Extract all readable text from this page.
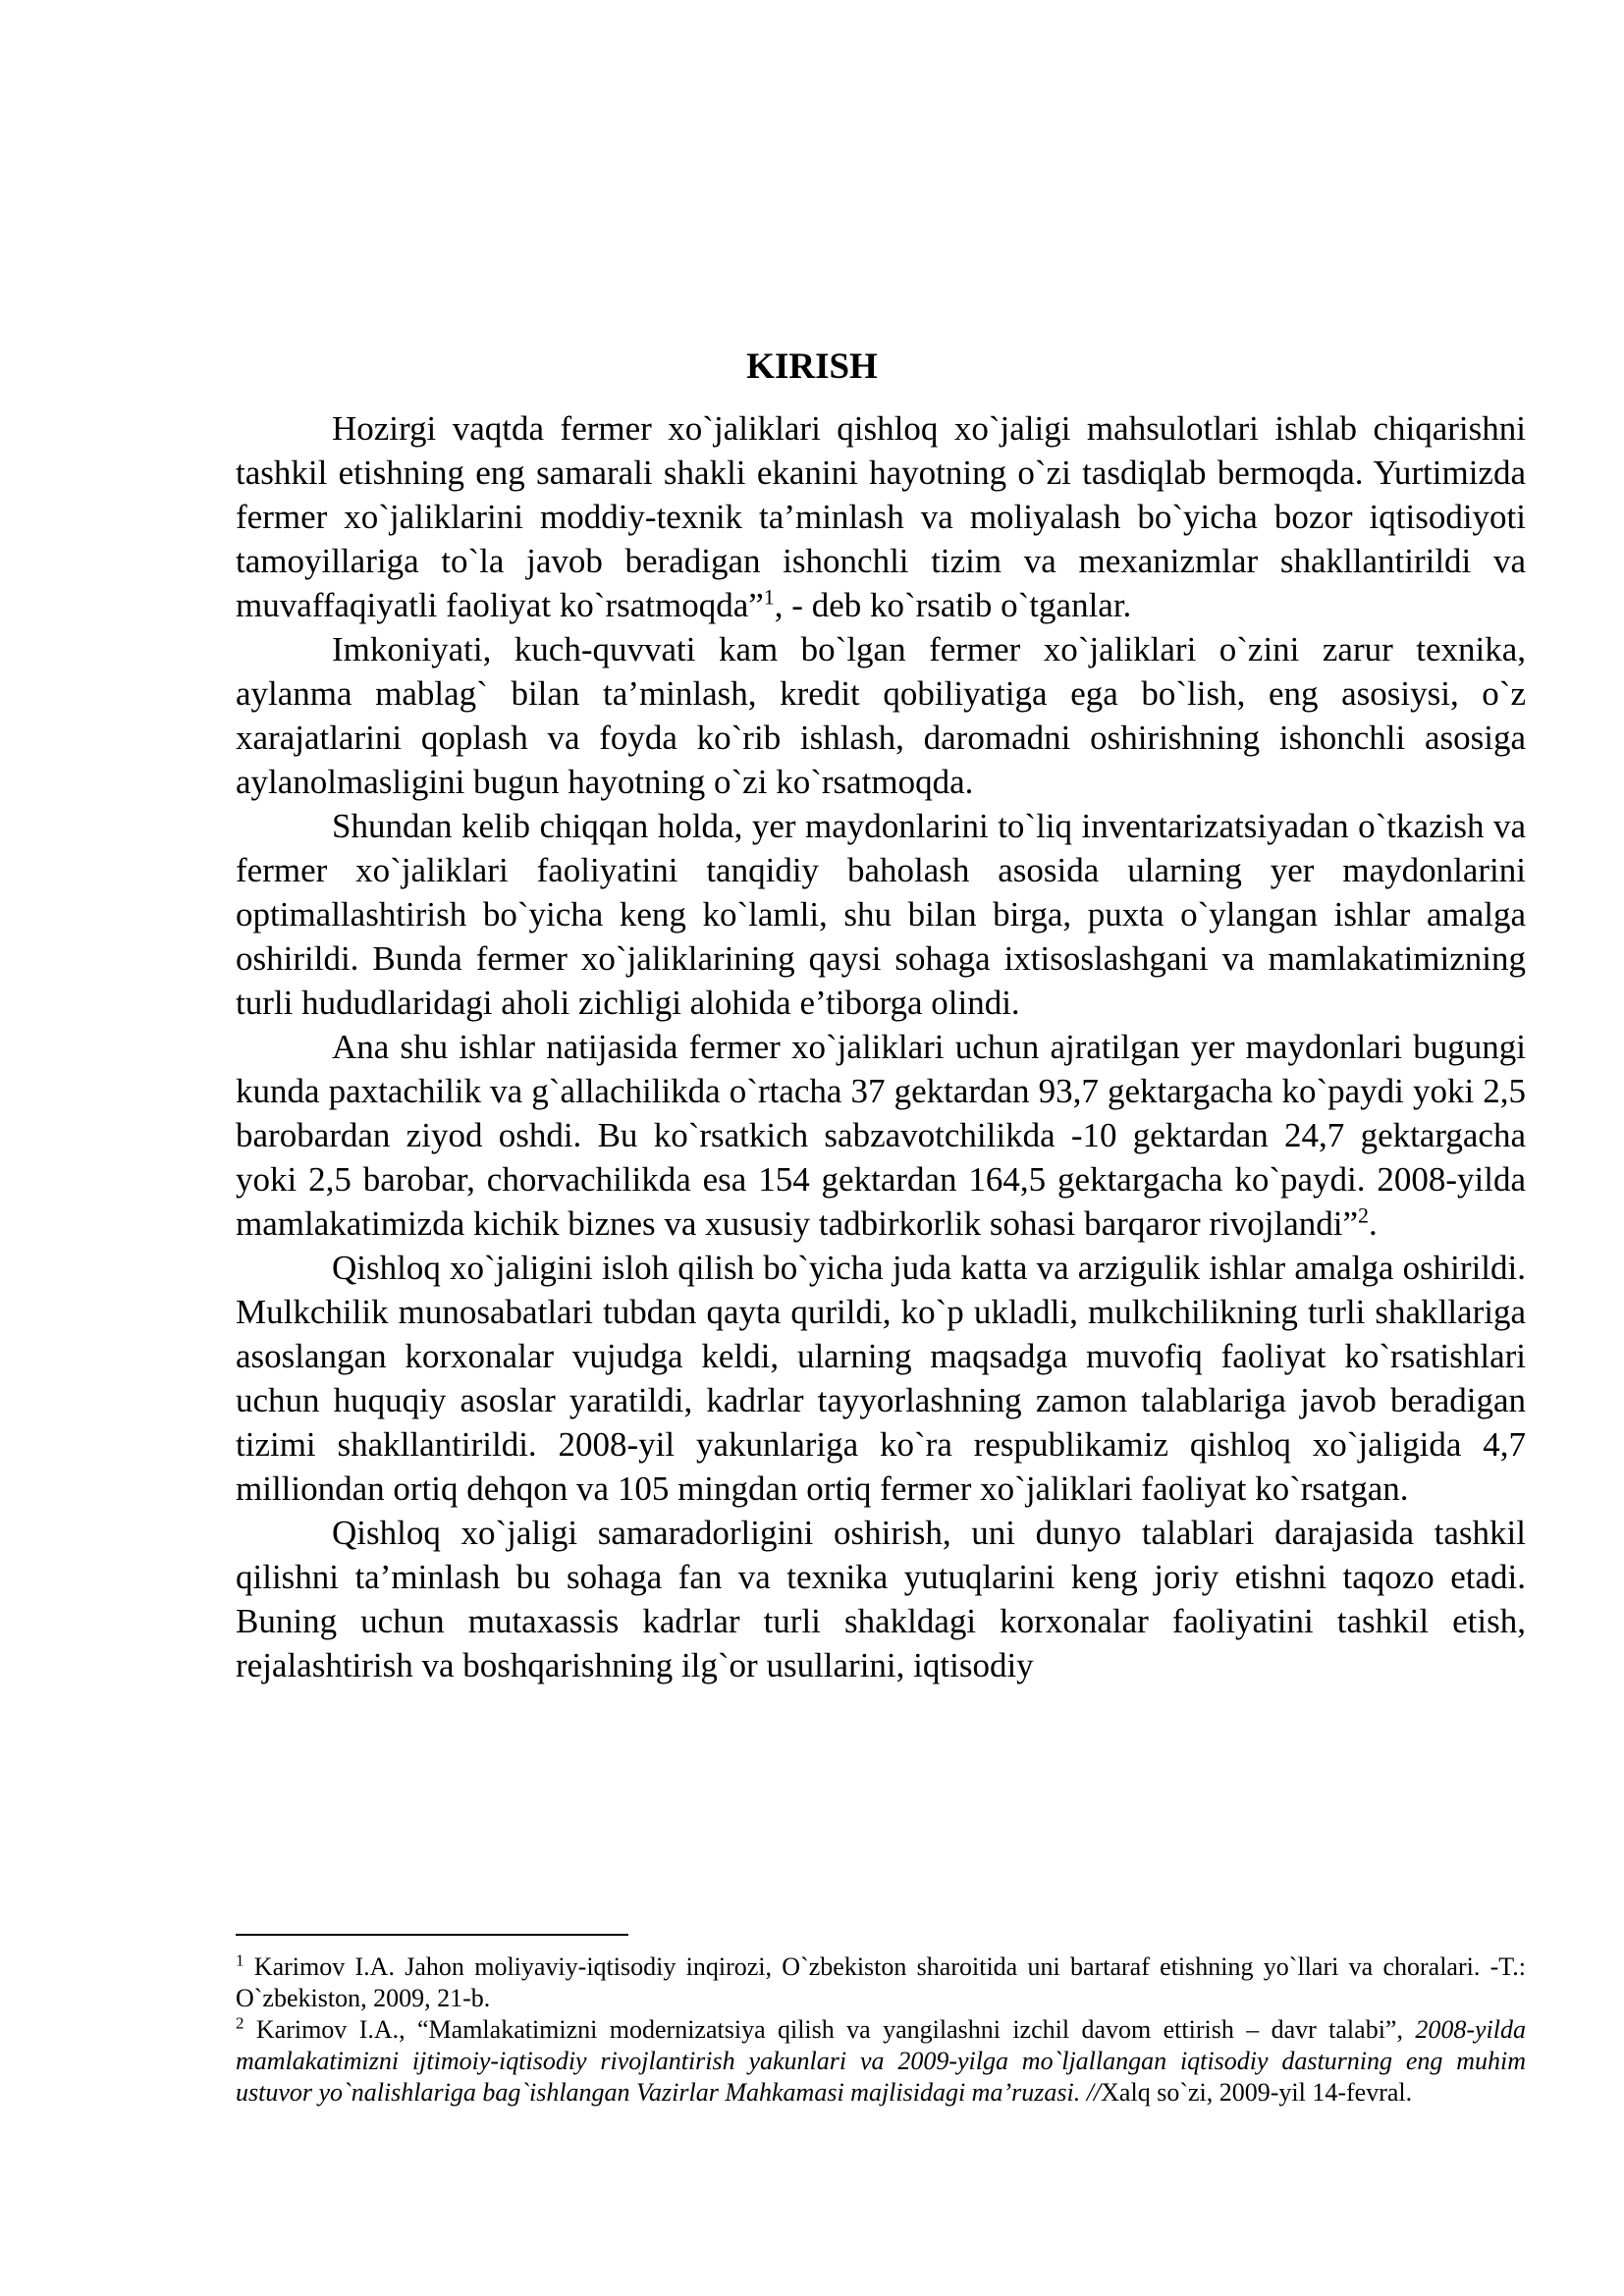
KIRISH

Hozirgi vaqtda fermer xo`jaliklari qishloq xo`jaligi mahsulotlari ishlab chiqarishni tashkil etishning eng samarali shakli ekanini hayotning o`zi tasdiqlab bermoqda. Yurtimizda fermer xo`jaliklarini moddiy-texnik ta’minlash va moliyalash bo`yicha bozor iqtisodiyoti tamoyillariga to`la javob beradigan ishonchli tizim va mexanizmlar shakllantirildi va muvaffaqiyatli faoliyat ko`rsatmoqda”$^1$, - deb ko`rsatib o`tganlar.

Imkoniyati, kuch-quvvati kam bo`lgan fermer xo`jaliklari o`zini zarur texnika, aylanma mablag` bilan ta’minlash, kredit qobiliyatiga ega bo`lish, eng asosiysi, o`z xarajatlarini qoplash va foyda ko`rib ishlash, daromadni oshirishning ishonchli asosiga aylanolmasligini bugun hayotning o`zi ko`rsatmoqda.

Shundan kelib chiqqan holda, yer maydonlarini to`liq inventarizatsiyadan o`tkazish va fermer xo`jaliklari faoliyatini tanqidiy baholash asosida ularning yer maydonlarini optimallashtirish bo`yicha keng ko`lamli, shu bilan birga, puxta o`ylangan ishlar amalga oshirildi. Bunda fermer xo`jaliklarining qaysi sohaga ixtisoslashgani va mamlakatimizning turli hududlaridagi aholi zichligi alohida e’tiborga olindi.

Ana shu ishlar natijasida fermer xo`jaliklari uchun ajratilgan yer maydonlari bugungi kunda paxtachilik va g`allachilikda o`rtacha 37 gektardan 93,7 gektargacha ko`paydi yoki 2,5 barobardan ziyod oshdi. Bu ko`rsatkich sabzavotchilikda -10 gektardan 24,7 gektargacha yoki 2,5 barobar, chorvachilikda esa 154 gektardan 164,5 gektargacha ko`paydi. 2008-yilda mamlakatimizda kichik biznes va xususiy tadbirkorlik sohasi barqaror rivojlandi”$^2$.

Qishloq xo`jaligini isloh qilish bo`yicha juda katta va arzigulik ishlar amalga oshirildi. Mulkchilik munosabatlari tubdan qayta qurildi, ko`p ukladli, mulkchilikning turli shakllariga asoslangan korxonalar vujudga keldi, ularning maqsadga muvofiq faoliyat ko`rsatishlari uchun huquqiy asoslar yaratildi, kadrlar tayyorlashning zamon talablariga javob beradigan tizimi shakllantirildi. 2008-yil yakunlariga ko`ra respublikamiz qishloq xo`jaligida 4,7 milliondan ortiq dehqon va 105 mingdan ortiq fermer xo`jaliklari faoliyat ko`rsatgan.

Qishloq xo`jaligi samaradorligini oshirish, uni dunyo talablari darajasida tashkil qilishni ta’minlash bu sohaga fan va texnika yutuqlarini keng joriy etishni taqozo etadi. Buning uchun mutaxassis kadrlar turli shakldagi korxonalar faoliyatini tashkil etish, rejalashtirish va boshqarishning ilg`or usullarini, iqtisodiy

$^1$ Karimov I.A. Jahon moliyaviy-iqtisodiy inqirozi, O`zbekiston sharoitida uni bartaraf etishning yo`llari va choralari. -T.: O`zbekiston, 2009, 21-b.

$^2$ Karimov I.A., “Mamlakatimizni modernizatsiya qilish va yangilashni izchil davom ettirish – davr talabi”, 2008-yilda mamlakatimizni ijtimoiy-iqtisodiy rivojlantirish yakunlari va 2009-yilga mo`ljallangan iqtisodiy dasturning eng muhim ustuvor yo`nalishlariga bag`ishlangan Vazirlar Mahkamasi majlisidagi ma’ruzasi. //Xalq so`zi, 2009-yil 14-fevral.
